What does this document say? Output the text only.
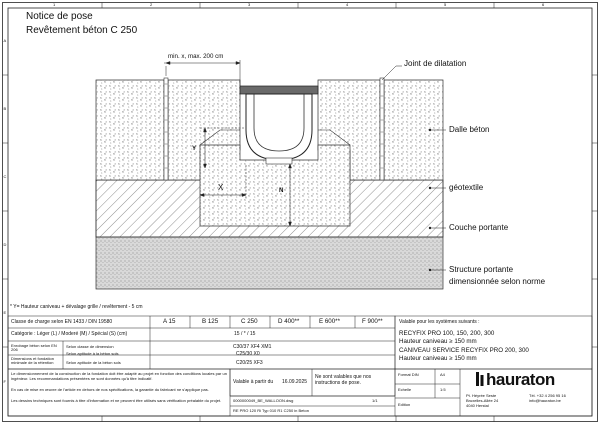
Notice de pose
Revêtement béton C 250
1	2	3	4	5	6
A
B
C
D
E
F
min. x, max. 200 cm
Y
X	N
Joint de dilatation
Dalle béton
géotextile
Couche portante
Structure portante
dimensionnée selon norme
* Y= Hauteur caniveau + dévalage grille / revêtement - 5 cm
Classe de charge selon EN 1433 / DIN 19580	A 15	B 125	C 250	D 400**	E 600**	F 900**
Catégorie : Léger (L) / Moderé (M) / Spécial (S) (cm)	15 / * / 15
Enrobage béton selon EN 206
Selon classe de dimension	C30/37 XF4 XM1
Dimensions et fondation minimale de la rétention
Selon aptitude à la béton sols	C25/30 X0
Selon aptitude de la béton sols	C20/25 XF3
Le dimensionnement de la construction de la fondation doit être adapté au projet en fonction des conditions locales par un ingénieur. Les recommandations présentées ne sont données qu'à titre indicatif.
En cas de mise en œuvre de l'article en dehors de nos spécifications, la garantie du fabricant ne s'applique pas.
Les dessins techniques sont fournis à titre d'information et ne peuvent être utilisés sans vérification préalable du projet.
Valable à partir du 16.09.2025
Ne sont valables que nos instructions de pose.
0000000049_BE_WALLOON.dwg	1/1
RE PRO 120 Ri Typ 010 R1 C250 in Beton
Valable pour les systèmes suivants :
RECYFIX PRO 100, 150, 200, 300
Hauteur caniveau ≥ 150 mm
CANIVEAU SERVICE RECYFIX PRO 200, 300
Hauteur caniveau ≥ 150 mm
Format DIN	A4
Echelle	1:5
Edition
hauraton
Pt. Héyrée Seste
Bruxelles-Allée 24
4040 Herstal
Tél. +32 4 256 95 16
info@hauraton.be
